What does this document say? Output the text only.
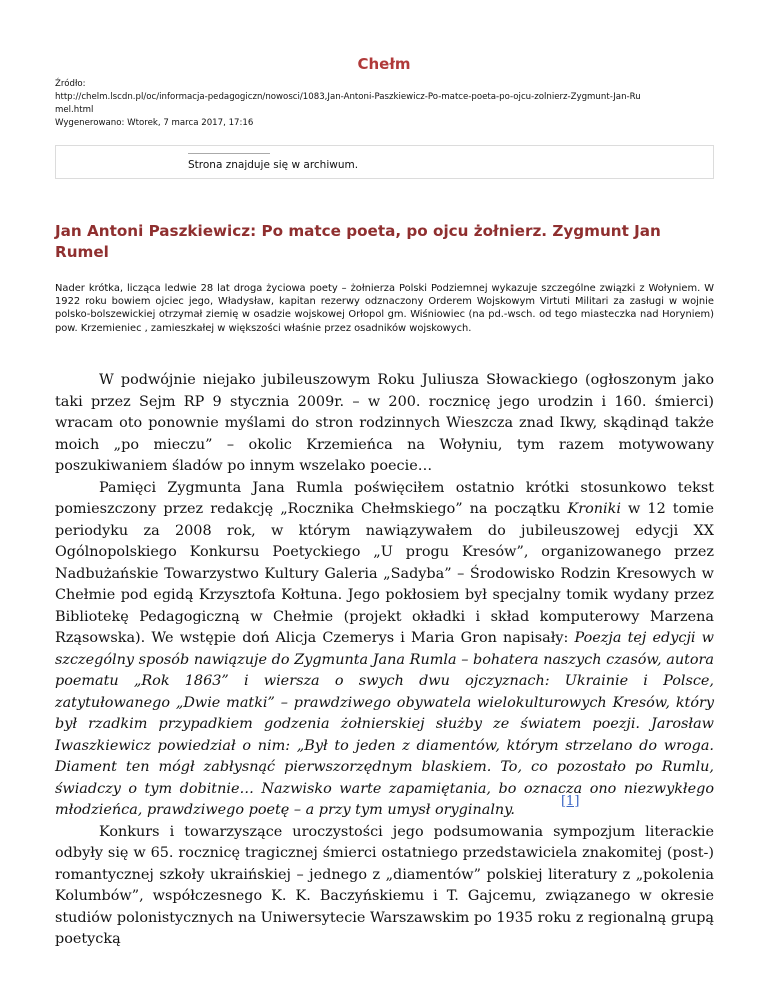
Chełm
Źródło:
http://chelm.lscdn.pl/oc/informacja-pedagogiczn/nowosci/1083,Jan-Antoni-Paszkiewicz-Po-matce-poeta-po-ojcu-zolnierz-Zygmunt-Jan-Ru
mel.html
Wygenerowano: Wtorek, 7 marca 2017, 17:16
Strona znajduje się w archiwum.
Jan Antoni Paszkiewicz: Po matce poeta, po ojcu żołnierz. Zygmunt Jan Rumel

Nader krótka, licząca ledwie 28 lat droga życiowa poety – żołnierza Polski Podziemnej wykazuje szczególne związki z Wołyniem. W 1922 roku bowiem ojciec jego, Władysław, kapitan rezerwy odznaczony Orderem Wojskowym Virtuti Militari za zasługi w wojnie polsko-bolszewickiej otrzymał ziemię w osadzie wojskowej Orłopol gm. Wiśniowiec (na pd.-wsch. od tego miasteczka nad Horyniem) pow. Krzemieniec , zamieszkałej w większości właśnie przez osadników wojskowych.

W podwójnie niejako jubileuszowym Roku Juliusza Słowackiego (ogłoszonym jako taki przez Sejm RP 9 stycznia 2009r. – w 200. rocznicę jego urodzin i 160. śmierci) wracam oto ponownie myślami do stron rodzinnych Wieszcza znad Ikwy, skądinąd także moich „po mieczu” – okolic Krzemieńca na Wołyniu, tym razem motywowany poszukiwaniem śladów po innym wszelako poecie…

Pamięci Zygmunta Jana Rumla poświęciłem ostatnio krótki stosunkowo tekst pomieszczony przez redakcję „Rocznika Chełmskiego” na początku Kroniki w 12 tomie periodyku za 2008 rok, w którym nawiązywałem do jubileuszowej edycji XX Ogólnopolskiego Konkursu Poetyckiego „U progu Kresów”, organizowanego przez Nadbużańskie Towarzystwo Kultury Galeria „Sadyba” – Środowisko Rodzin Kresowych w Chełmie pod egidą Krzysztofa Kołtuna. Jego pokłosiem był specjalny tomik wydany przez Bibliotekę Pedagogiczną w Chełmie (projekt okładki i skład komputerowy Marzena Rząsowska). We wstępie doń Alicja Czemerys i Maria Gron napisały: Poezja tej edycji w szczególny sposób nawiązuje do Zygmunta Jana Rumla – bohatera naszych czasów, autora poematu „Rok 1863” i wiersza o swych dwu ojczyznach: Ukrainie i Polsce, zatytułowanego „Dwie matki” – prawdziwego obywatela wielokulturowych Kresów, który był rzadkim przypadkiem godzenia żołnierskiej służby ze światem poezji. Jarosław Iwaszkiewicz powiedział o nim: „Był to jeden z diamentów, którym strzelano do wroga. Diament ten mógł zabłysnąć pierwszorzędnym blaskiem. To, co pozostało po Rumlu, świadczy o tym dobitnie… Nazwisko warte zapamiętania, bo oznacza ono niezwykłego młodzieńca, prawdziwego poetę – a przy tym umysł oryginalny.[1]

Konkurs i towarzyszące uroczystości jego podsumowania sympozjum literackie odbyły się w 65. rocznicę tragicznej śmierci ostatniego przedstawiciela znakomitej (post-) romantycznej szkoły ukraińskiej – jednego z „diamentów” polskiej literatury z „pokolenia Kolumbów”, współczesnego K. K. Baczyńskiemu i T. Gajcemu, związanego w okresie studiów polonistycznych na Uniwersytecie Warszawskim po 1935 roku z regionalną grupą poetycką
